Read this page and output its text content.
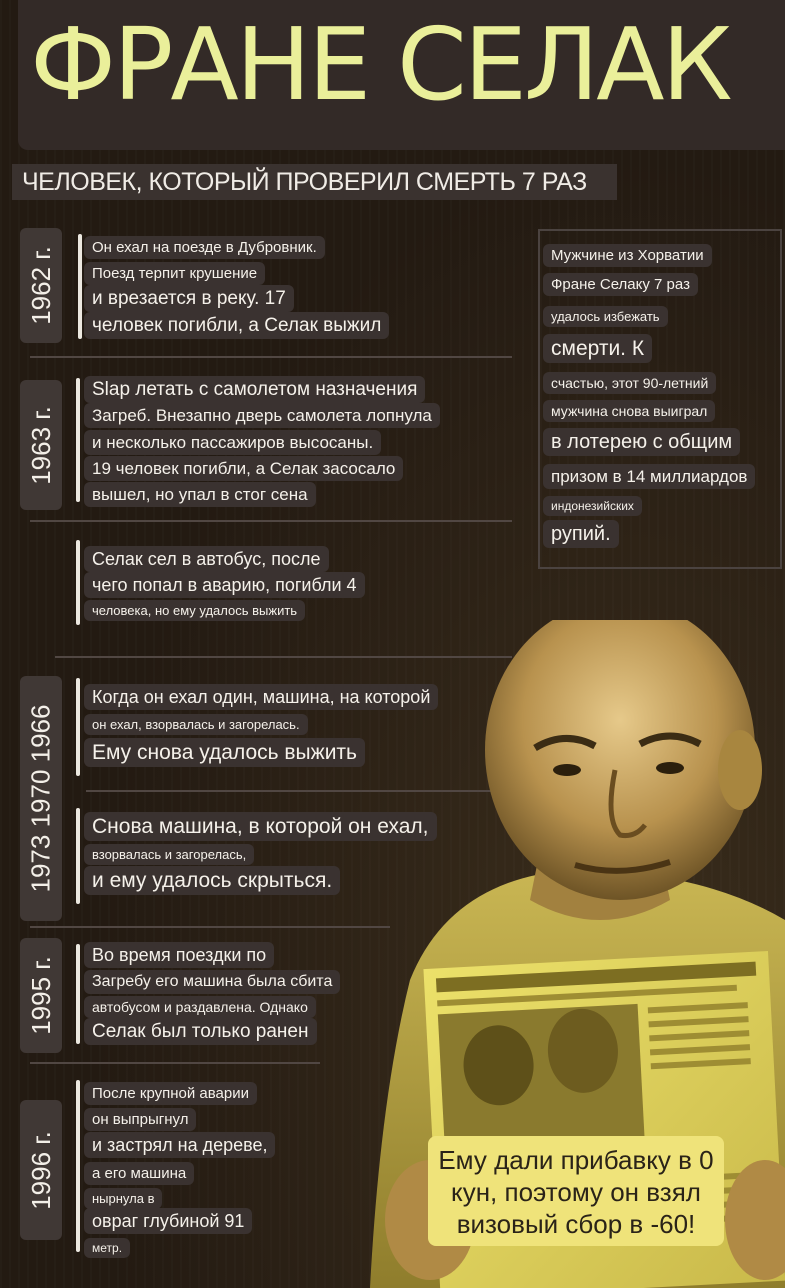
ФРАНЕ СЕЛАК
ЧЕЛОВЕК, КОТОРЫЙ ПРОВЕРИЛ СМЕРТЬ 7 РАЗ
1962 г.	Он ехал на поезде в Дубровник.
Поезд терпит крушение
и врезается в реку. 17
человек погибли, а Селак выжил
1963 г.
Slap летать с самолетом назначения
Загреб. Внезапно дверь самолета лопнула
и несколько пассажиров высосаны.
19 человек погибли, а Селак засосало
вышел, но упал в стог сена
Селак сел в автобус, после
чего попал в аварию, погибли 4
человека, но ему удалось выжить
1973 1970 1966
Когда он ехал один, машина, на которой
он ехал, взорвалась и загорелась.
Ему снова удалось выжить
Снова машина, в которой он ехал,
взорвалась и загорелась,
и ему удалось скрыться.
1995 г.
Во время поездки по
Загребу его машина была сбита
автобусом и раздавлена. Однако
Селак был только ранен
1996 г.
После крупной аварии
он выпрыгнул
и застрял на дереве,
а его машина
нырнула в
овраг глубиной 91
метр.
Мужчине из Хорватии
Фране Селаку 7 раз
удалось избежать
смерти. К
счастью, этот 90-летний
мужчина снова выиграл
в лотерею с общим
призом в 14 миллиардов
индонезийских
рупий.
Ему дали прибавку в 0
кун, поэтому он взял
визовый сбор в -60!
